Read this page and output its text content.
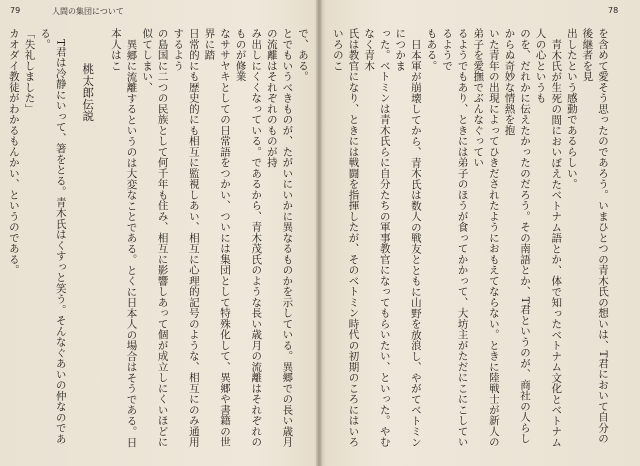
79	人間の集団について	78

で、ある。

とでもいうべきものが、たがいにいかに異なるものかを示している。異郷での長い歳月の流離はそれぞれのものが持

み出しにくくなっている。であるから、青木茂氏のような長い歳月の流離はそれぞれのものが修業

なササヤキとしての日常語をつかい、ついには集団として特殊化して、異郷や書籍の世界に踏

日常的にも歴史的にも相互に監視しあい、相互に心理的記号のような、相互にのみ通用するよう

の島国に二つの民族として何千年も住み、相互に影響しあって個が成立しにくいほどに似てしまい、

異郷に流離するというのは大変なことである。とくに日本人の場合はそうである。日本人はこ

桃太郎伝説

T君は冷静にいって、箸をとる。青木氏はくすっと笑う。そんなぐあいの仲なのである。

「失礼しました」

カオダイ教徒がわかるもんかい、というのである。	を含めて愛そう思ったのであろう。いまひとつの青木氏の想いは、T君において自分の後継者を見

出したという感動であるらしい。

青木氏が生死の間においぼえたベトナム語とか、体で知ったベトナム文化とベトナム人の心というも

のを、だれかに伝えたかったのだろう。その南語とか、T君というのが、商社の人らしからぬ奇妙な情熱を抱

いた青年の出現によってひきだされたようにおもえてならない。ときに陸戦士が新人の弟子を愛撫でぶんなぐってい

るようでもあり、ときには弟子のほうが食ってかかって、大坊主がただにこにこしているようで

もある。

日本軍が崩壊してから、青木氏は数人の戦友とともに山野を放浪し、やがてベトミンにつかま

った。ベトミンは青木氏らに自分たちの軍事教官になってもらいたい、といった。やむなく青木

氏は教官になり、ときには戦闘を指揮したが、そのベトミン時代の初期のころにはいろいろのこ
